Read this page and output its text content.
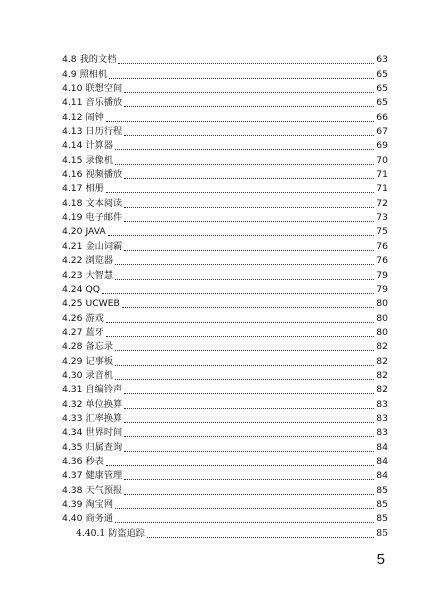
4.8 我的文档	63
4.9 照相机	65
4.10 联想空间	65
4.11 音乐播放	65
4.12 闹钟	66
4.13 日历行程	67
4.14 计算器	69
4.15 录像机	70
4.16 视频播放	71
4.17 相册	71
4.18 文本阅读	72
4.19 电子邮件	73
4.20 JAVA	75
4.21 金山词霸	76
4.22 浏览器	76
4.23 大智慧	79
4.24 QQ	79
4.25 UCWEB	80
4.26 游戏	80
4.27 蓝牙	80
4.28 备忘录	82
4.29 记事板	82
4.30 录音机	82
4.31 自编铃声	82
4.32 单位换算	83
4.33 汇率换算	83
4.34 世界时间	83
4.35 归属查询	84
4.36 秒表	84
4.37 健康管理	84
4.38 天气预报	85
4.39 淘宝网	85
4.40 商务通	85
4.40.1 防盗追踪	85
5
